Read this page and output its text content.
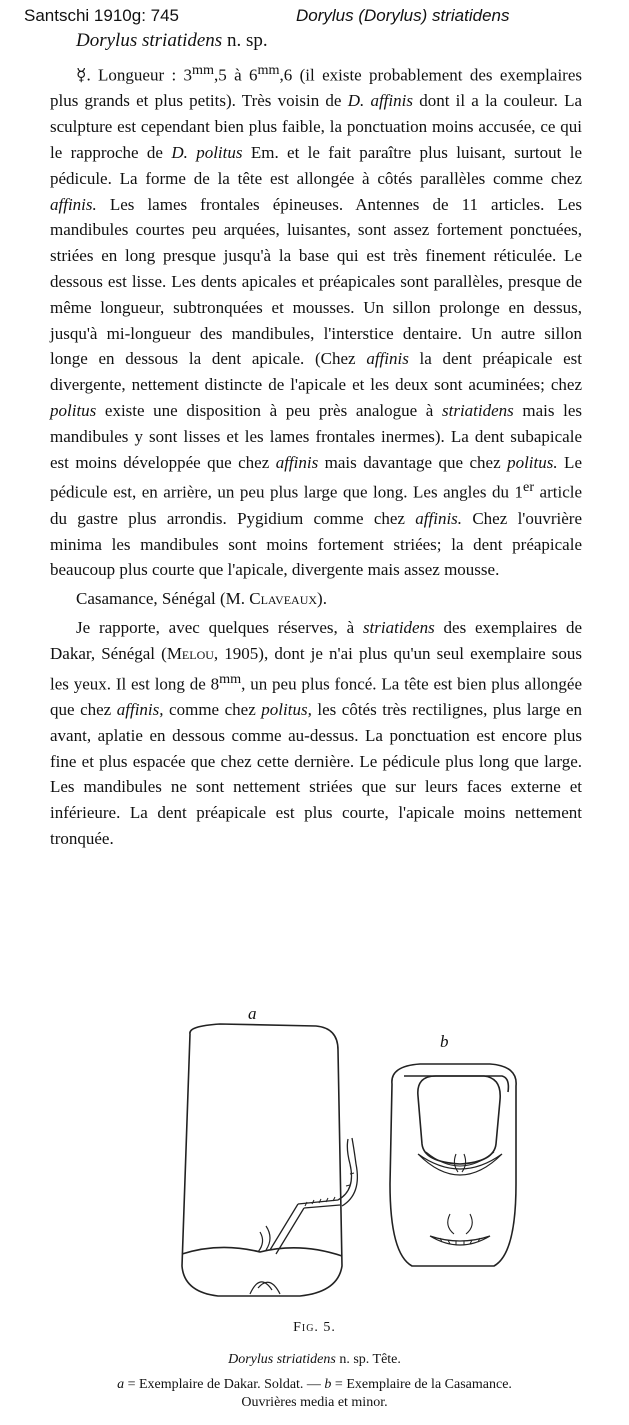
Santschi 1910g: 745	Dorylus (Dorylus) striatidens
Dorylus striatidens n. sp.

☿. Longueur : $3^{mm},5$ à $6^{mm},6$ (il existe probablement des exemplaires plus grands et plus petits). Très voisin de D. affinis dont il a la couleur. La sculpture est cependant bien plus faible, la ponctuation moins accusée, ce qui le rapproche de D. politus Em. et le fait paraître plus luisant, surtout le pédicule. La forme de la tête est allongée à côtés parallèles comme chez affinis. Les lames frontales épineuses. Antennes de 11 articles. Les mandibules courtes peu arquées, luisantes, sont assez fortement ponctuées, striées en long presque jusqu'à la base qui est très finement réticulée. Le dessous est lisse. Les dents apicales et préapicales sont parallèles, presque de même longueur, subtronquées et mousses. Un sillon prolonge en dessus, jusqu'à mi-longueur des mandibules, l'interstice dentaire. Un autre sillon longe en dessous la dent apicale. (Chez affinis la dent préapicale est divergente, nettement distincte de l'apicale et les deux sont acuminées; chez politus existe une disposition à peu près analogue à striatidens mais les mandibules y sont lisses et les lames frontales inermes). La dent subapicale est moins développée que chez affinis mais davantage que chez politus. Le pédicule est, en arrière, un peu plus large que long. Les angles du 1er article du gastre plus arrondis. Pygidium comme chez affinis. Chez l'ouvrière minima les mandibules sont moins fortement striées; la dent préapicale beaucoup plus courte que l'apicale, divergente mais assez mousse.

Casamance, Sénégal (M. Claveaux).

Je rapporte, avec quelques réserves, à striatidens des exemplaires de Dakar, Sénégal (Melou, 1905), dont je n'ai plus qu'un seul exemplaire sous les yeux. Il est long de $8^{mm}$, un peu plus foncé. La tête est bien plus allongée que chez affinis, comme chez politus, les côtés très rectilignes, plus large en avant, aplatie en dessous comme au-dessus. La ponctuation est encore plus fine et plus espacée que chez cette dernière. Le pédicule plus long que large. Les mandibules ne sont nettement striées que sur leurs faces externe et inférieure. La dent préapicale est plus courte, l'apicale moins nettement tronquée.

a
b
Fig. 5.
Dorylus striatidens n. sp. Tête.
a = Exemplaire de Dakar. Soldat. — b = Exemplaire de la Casamance.
Ouvrières media et minor.
